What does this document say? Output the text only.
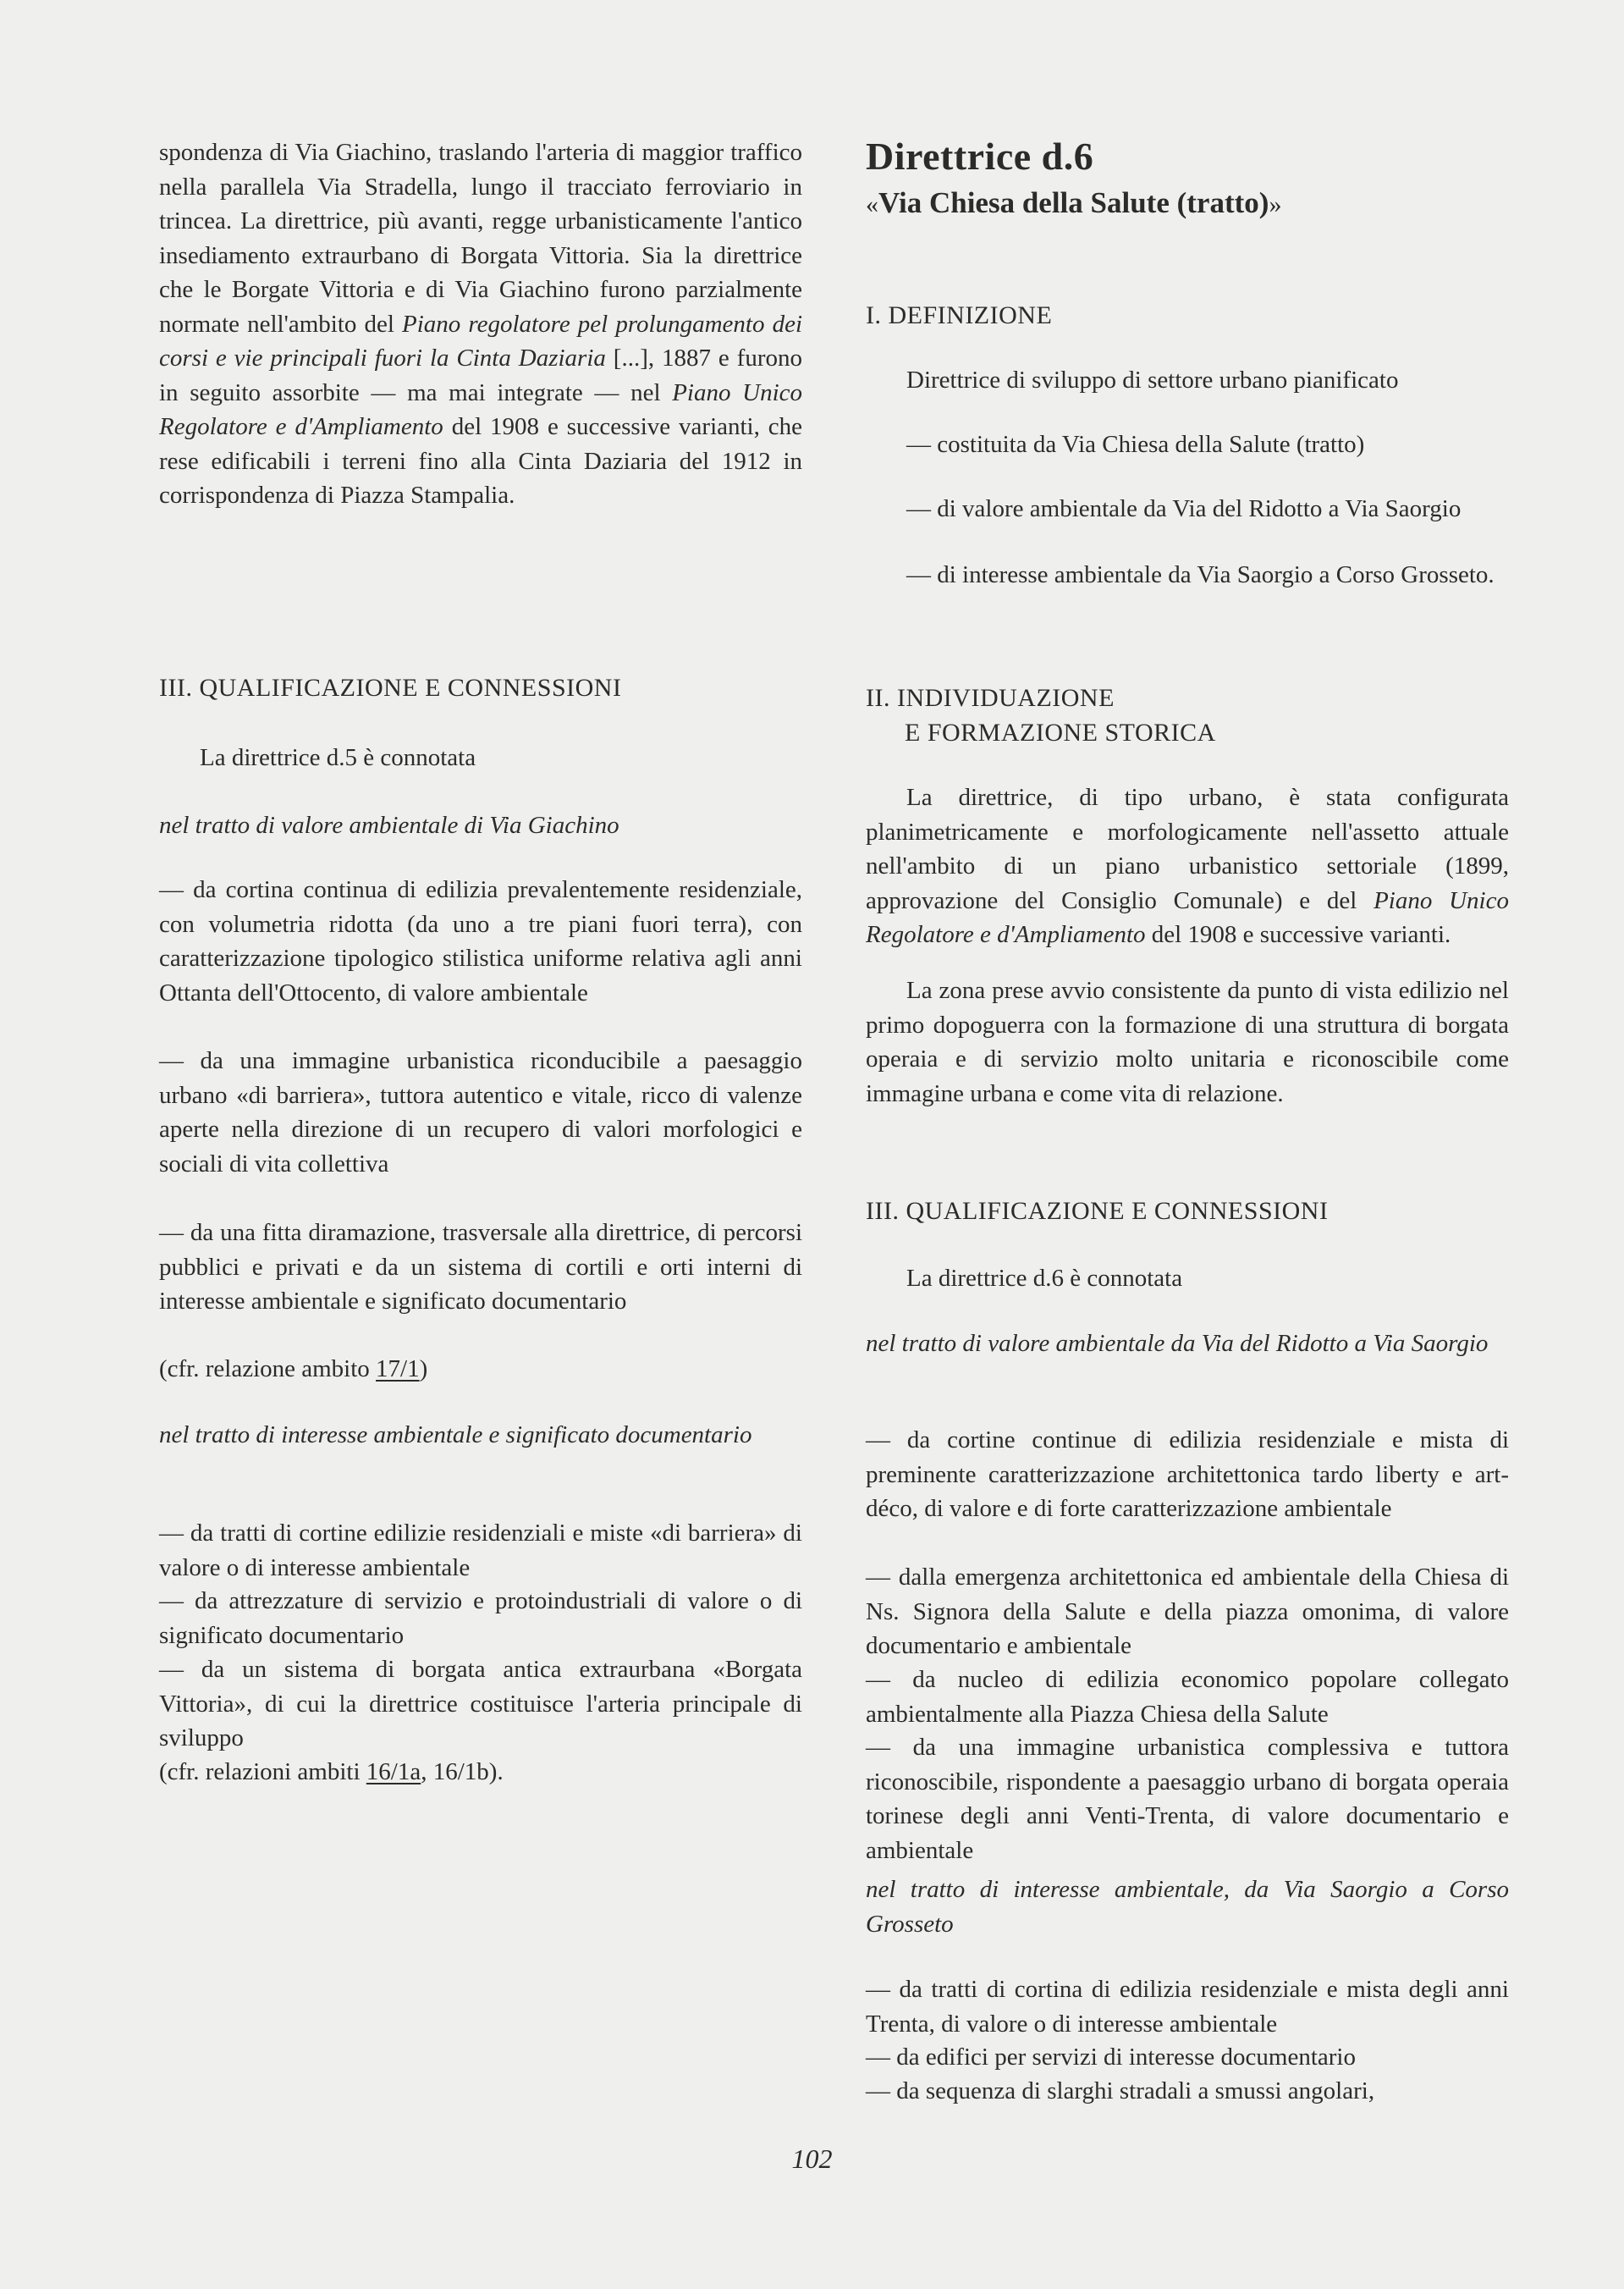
spondenza di Via Giachino, traslando l'arteria di maggior traffico nella parallela Via Stradella, lungo il tracciato ferroviario in trincea. La direttrice, più avanti, regge urbanisticamente l'antico insediamento extraurbano di Borgata Vittoria. Sia la direttrice che le Borgate Vittoria e di Via Giachino furono parzialmente normate nell'ambito del Piano regolatore pel prolungamento dei corsi e vie principali fuori la Cinta Daziaria [...], 1887 e furono in seguito assorbite — ma mai integrate — nel Piano Unico Regolatore e d'Ampliamento del 1908 e successive varianti, che rese edificabili i terreni fino alla Cinta Daziaria del 1912 in corrispondenza di Piazza Stampalia.

III. QUALIFICAZIONE E CONNESSIONI

La direttrice d.5 è connotata

nel tratto di valore ambientale di Via Giachino

— da cortina continua di edilizia prevalentemente residenziale, con volumetria ridotta (da uno a tre piani fuori terra), con caratterizzazione tipologico stilistica uniforme relativa agli anni Ottanta dell'Ottocento, di valore ambientale

— da una immagine urbanistica riconducibile a paesaggio urbano «di barriera», tuttora autentico e vitale, ricco di valenze aperte nella direzione di un recupero di valori morfologici e sociali di vita collettiva

— da una fitta diramazione, trasversale alla direttrice, di percorsi pubblici e privati e da un sistema di cortili e orti interni di interesse ambientale e significato documentario

(cfr. relazione ambito 17/1)

nel tratto di interesse ambientale e significato documentario

— da tratti di cortine edilizie residenziali e miste «di barriera» di valore o di interesse ambientale

— da attrezzature di servizio e protoindustriali di valore o di significato documentario

— da un sistema di borgata antica extraurbana «Borgata Vittoria», di cui la direttrice costituisce l'arteria principale di sviluppo

(cfr. relazioni ambiti 16/1a, 16/1b).

Direttrice d.6
«Via Chiesa della Salute (tratto)»

I. DEFINIZIONE

Direttrice di sviluppo di settore urbano pianificato

— costituita da Via Chiesa della Salute (tratto)

— di valore ambientale da Via del Ridotto a Via Saorgio

— di interesse ambientale da Via Saorgio a Corso Grosseto.

II. INDIVIDUAZIONE
E FORMAZIONE STORICA

La direttrice, di tipo urbano, è stata configurata planimetricamente e morfologicamente nell'assetto attuale nell'ambito di un piano urbanistico settoriale (1899, approvazione del Consiglio Comunale) e del Piano Unico Regolatore e d'Ampliamento del 1908 e successive varianti.

La zona prese avvio consistente da punto di vista edilizio nel primo dopoguerra con la formazione di una struttura di borgata operaia e di servizio molto unitaria e riconoscibile come immagine urbana e come vita di relazione.

III. QUALIFICAZIONE E CONNESSIONI

La direttrice d.6 è connotata

nel tratto di valore ambientale da Via del Ridotto a Via Saorgio

— da cortine continue di edilizia residenziale e mista di preminente caratterizzazione architettonica tardo liberty e art-déco, di valore e di forte caratterizzazione ambientale

— dalla emergenza architettonica ed ambientale della Chiesa di Ns. Signora della Salute e della piazza omonima, di valore documentario e ambientale

— da nucleo di edilizia economico popolare collegato ambientalmente alla Piazza Chiesa della Salute

— da una immagine urbanistica complessiva e tuttora riconoscibile, rispondente a paesaggio urbano di borgata operaia torinese degli anni Venti-Trenta, di valore documentario e ambientale

nel tratto di interesse ambientale, da Via Saorgio a Corso Grosseto

— da tratti di cortina di edilizia residenziale e mista degli anni Trenta, di valore o di interesse ambientale

— da edifici per servizi di interesse documentario

— da sequenza di slarghi stradali a smussi angolari,

102
